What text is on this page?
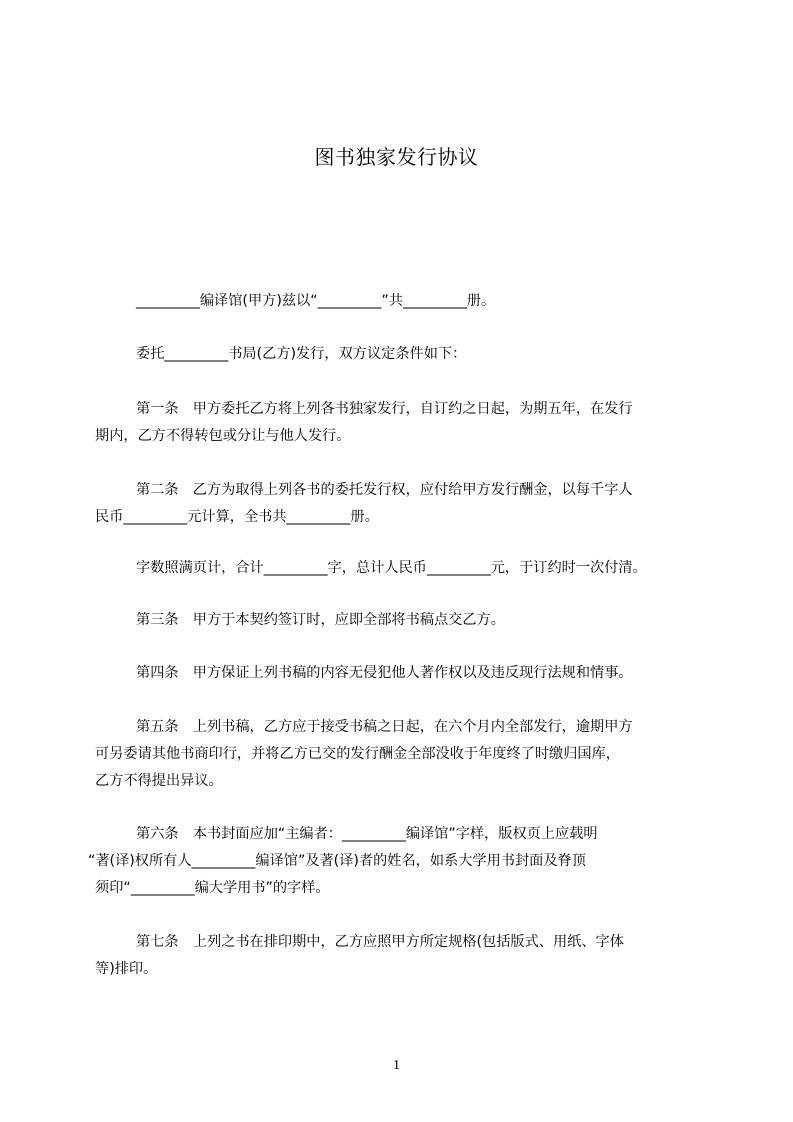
图书独家发行协议
_________编译馆(甲方)兹以“_________”共_________册。
委托_________书局(乙方)发行，双方议定条件如下：
第一条　甲方委托乙方将上列各书独家发行，自订约之日起，为期五年，在发行
期内，乙方不得转包或分让与他人发行。
第二条　乙方为取得上列各书的委托发行权，应付给甲方发行酬金，以每千字人
民币_________元计算，全书共_________册。
字数照满页计，合计_________字，总计人民币_________元，于订约时一次付清。
第三条　甲方于本契约签订时，应即全部将书稿点交乙方。
第四条　甲方保证上列书稿的内容无侵犯他人著作权以及违反现行法规和情事。
第五条　上列书稿，乙方应于接受书稿之日起，在六个月内全部发行，逾期甲方
可另委请其他书商印行，并将乙方已交的发行酬金全部没收于年度终了时缴归国库，
乙方不得提出异议。
第六条　本书封面应加“主编者：_________编译馆”字样，版权页上应载明
“著(译)权所有人_________编译馆”及著(译)者的姓名，如系大学用书封面及脊顶
须印“_________编大学用书”的字样。
第七条　上列之书在排印期中，乙方应照甲方所定规格(包括版式、用纸、字体
等)排印。
1
